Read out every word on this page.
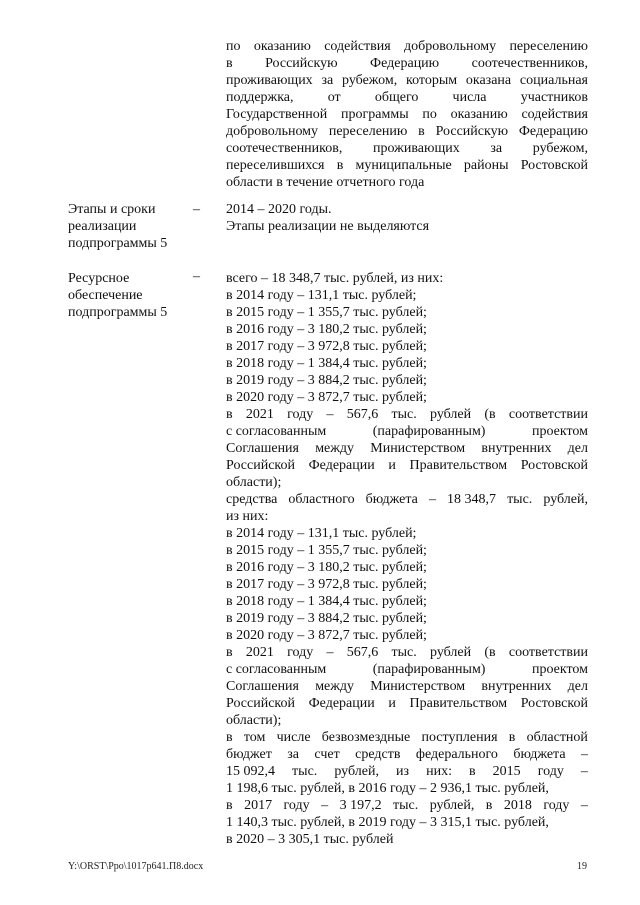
по оказанию содействия добровольному переселению
в Российскую Федерацию соотечественников,
проживающих за рубежом, которым оказана социальная
поддержка, от общего числа участников
Государственной программы по оказанию содействия
добровольному переселению в Российскую Федерацию
соотечественников, проживающих за рубежом,
переселившихся в муниципальные районы Ростовской
области в течение отчетного года
Этапы и сроки
реализации
подпрограммы 5
– 2014 – 2020 годы.
Этапы реализации не выделяются
Ресурсное
обеспечение
подпрограммы 5
– всего – 18 348,7 тыс. рублей, из них:
в 2014 году – 131,1 тыс. рублей;
в 2015 году – 1 355,7 тыс. рублей;
в 2016 году – 3 180,2 тыс. рублей;
в 2017 году – 3 972,8 тыс. рублей;
в 2018 году – 1 384,4 тыс. рублей;
в 2019 году – 3 884,2 тыс. рублей;
в 2020 году – 3 872,7 тыс. рублей;
в 2021 году – 567,6 тыс. рублей (в соответствии
с согласованным	(парафированным)	проектом
Соглашения между Министерством внутренних дел
Российской Федерации и Правительством Ростовской
области);
средства областного бюджета – 18 348,7 тыс. рублей,
из них:
в 2014 году – 131,1 тыс. рублей;
в 2015 году – 1 355,7 тыс. рублей;
в 2016 году – 3 180,2 тыс. рублей;
в 2017 году – 3 972,8 тыс. рублей;
в 2018 году – 1 384,4 тыс. рублей;
в 2019 году – 3 884,2 тыс. рублей;
в 2020 году – 3 872,7 тыс. рублей;
в 2021 году – 567,6 тыс. рублей (в соответствии
с согласованным	(парафированным)	проектом
Соглашения между Министерством внутренних дел
Российской Федерации и Правительством Ростовской
области);
в том числе безвозмездные поступления в областной
бюджет за счет средств федерального бюджета –
15 092,4 тыс. рублей, из них: в 2015 году –
1 198,6 тыс. рублей, в 2016 году – 2 936,1 тыс. рублей,
в 2017 году – 3 197,2 тыс. рублей, в 2018 году –
1 140,3 тыс. рублей, в 2019 году – 3 315,1 тыс. рублей,
в 2020 – 3 305,1 тыс. рублей
Y:\ORST\Ppo\1017p641.П8.docx	19
